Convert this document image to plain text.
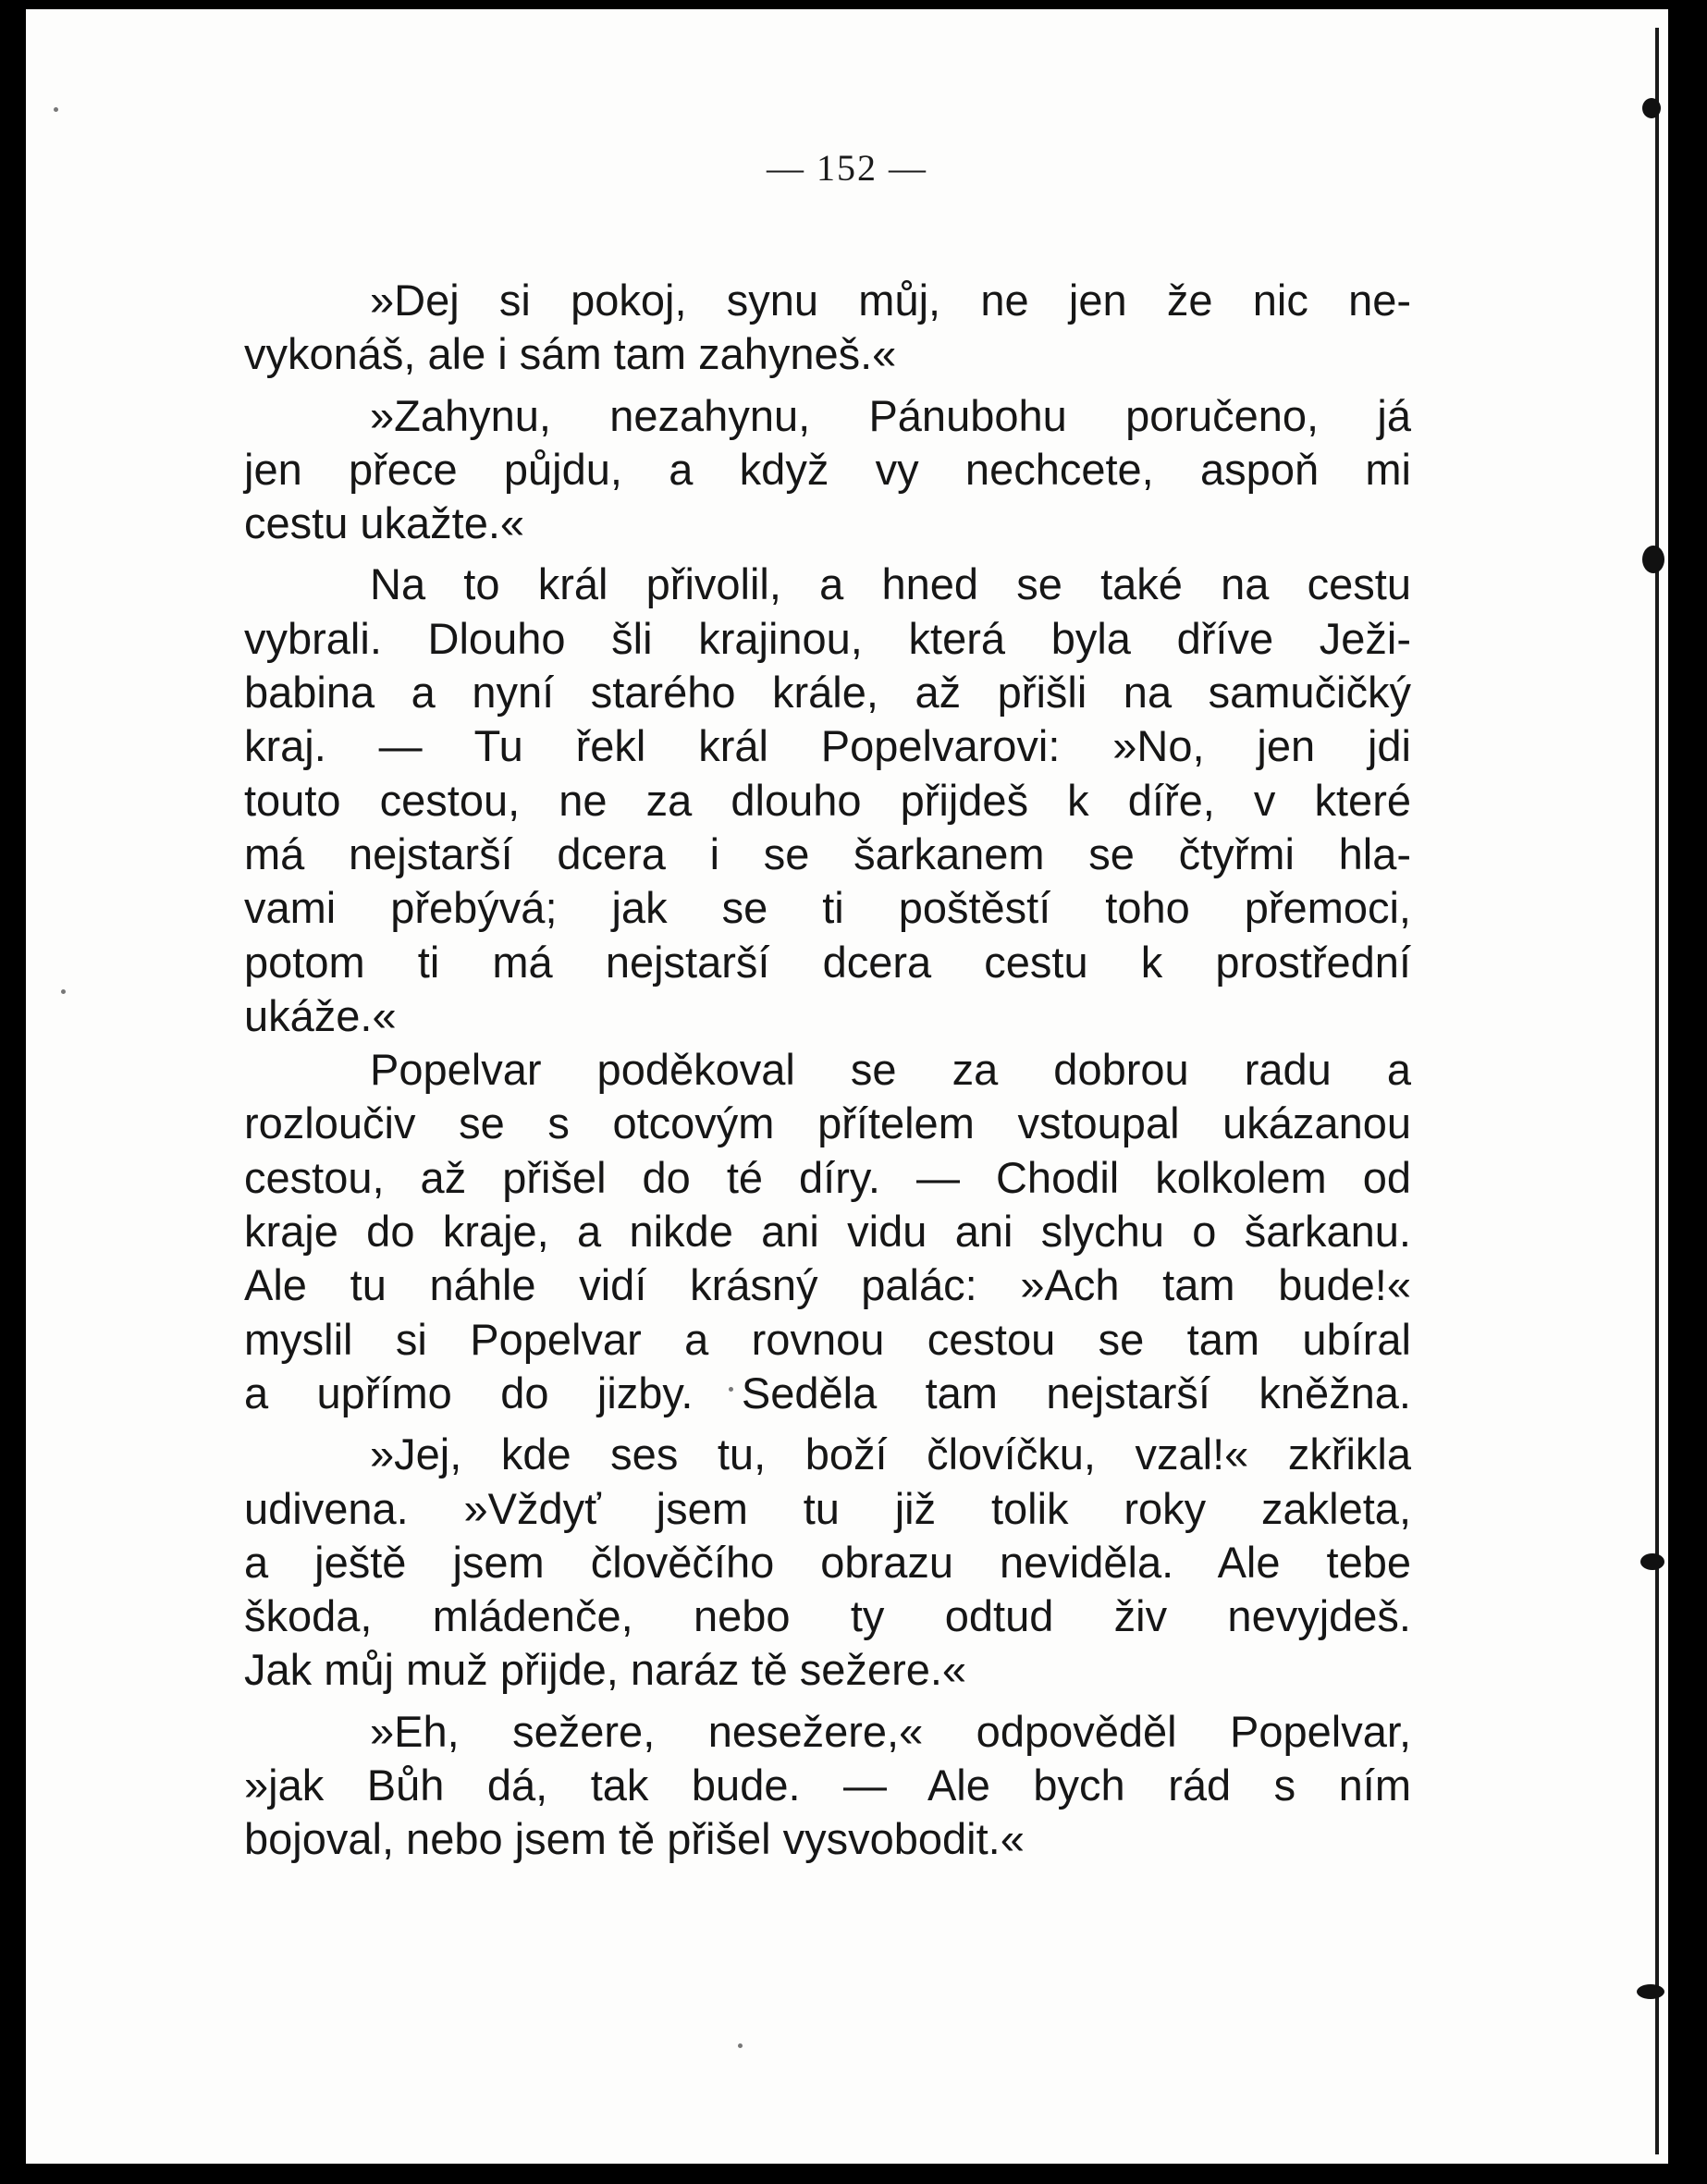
— 152 —
»Dej si pokoj, synu můj, ne jen že nic ne-
vykonáš, ale i sám tam zahyneš.«
»Zahynu, nezahynu, Pánubohu poručeno, já
jen přece půjdu, a když vy nechcete, aspoň mi
cestu ukažte.«
Na to král přivolil, a hned se také na cestu
vybrali. Dlouho šli krajinou, která byla dříve Ježi-
babina a nyní starého krále, až přišli na samučičký
kraj. — Tu řekl král Popelvarovi: »No, jen jdi
touto cestou, ne za dlouho přijdeš k díře, v které
má nejstarší dcera i se šarkanem se čtyřmi hla-
vami přebývá; jak se ti poštěstí toho přemoci,
potom ti má nejstarší dcera cestu k prostřední
ukáže.«
Popelvar poděkoval se za dobrou radu a
rozloučiv se s otcovým přítelem vstoupal ukázanou
cestou, až přišel do té díry. — Chodil kolkolem od
kraje do kraje, a nikde ani vidu ani slychu o šarkanu.
Ale tu náhle vidí krásný palác: »Ach tam bude!«
myslil si Popelvar a rovnou cestou se tam ubíral
a upřímo do jizby. Seděla tam nejstarší kněžna.
»Jej, kde ses tu, boží človíčku, vzal!« zkřikla
udivena. »Vždyť jsem tu již tolik roky zakleta,
a ještě jsem člověčího obrazu neviděla. Ale tebe
škoda, mládenče, nebo ty odtud živ nevyjdeš.
Jak můj muž přijde, naráz tě sežere.«
»Eh, sežere, nesežere,« odpověděl Popelvar,
»jak Bůh dá, tak bude. — Ale bych rád s ním
bojoval, nebo jsem tě přišel vysvobodit.«
